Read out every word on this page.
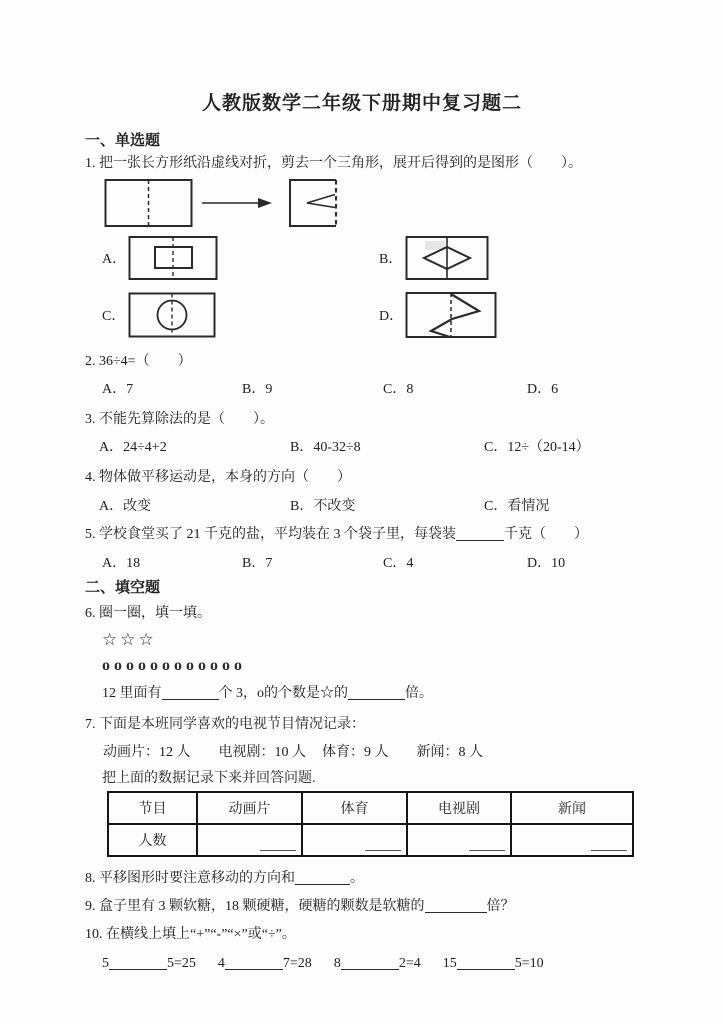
人教版数学二年级下册期中复习题二
一、单选题
1. 把一张长方形纸沿虚线对折，剪去一个三角形，展开后得到的是图形（　　）。
A．	B．
C．	D．
2. 36÷4=（　　）
A．7	B．9	C．8	D．6
3. 不能先算除法的是（　　）。
A．24÷4+2	B．40-32÷8	C．12÷（20-14）
4. 物体做平移运动是，本身的方向（　　）
A．改变	B．不改变	C．看情况
5. 学校食堂买了 21 千克的盐，平均装在 3 个袋子里，每袋装	千克（　　）
A．18	B．7	C．4	D．10
二、填空题
6. 圈一圈，填一填。
☆☆☆
oooooooooooo
12 里面有	个 3，o的个数是☆的	倍。
7. 下面是本班同学喜欢的电视节目情况记录：
动画片：12 人 电视剧：10 人 体育：9 人 新闻：8 人
把上面的数据记录下来并回答问题.
节目	动画片	体育	电视剧	新闻
人数	

8. 平移图形时要注意移动的方向和	。
9. 盒子里有 3 颗软糖，18 颗硬糖，硬糖的颗数是软糖的	倍？
10. 在横线上填上“+”“-”“×”或“÷”。
5	5=25 4	7=28 8	2=4 15	5=10
